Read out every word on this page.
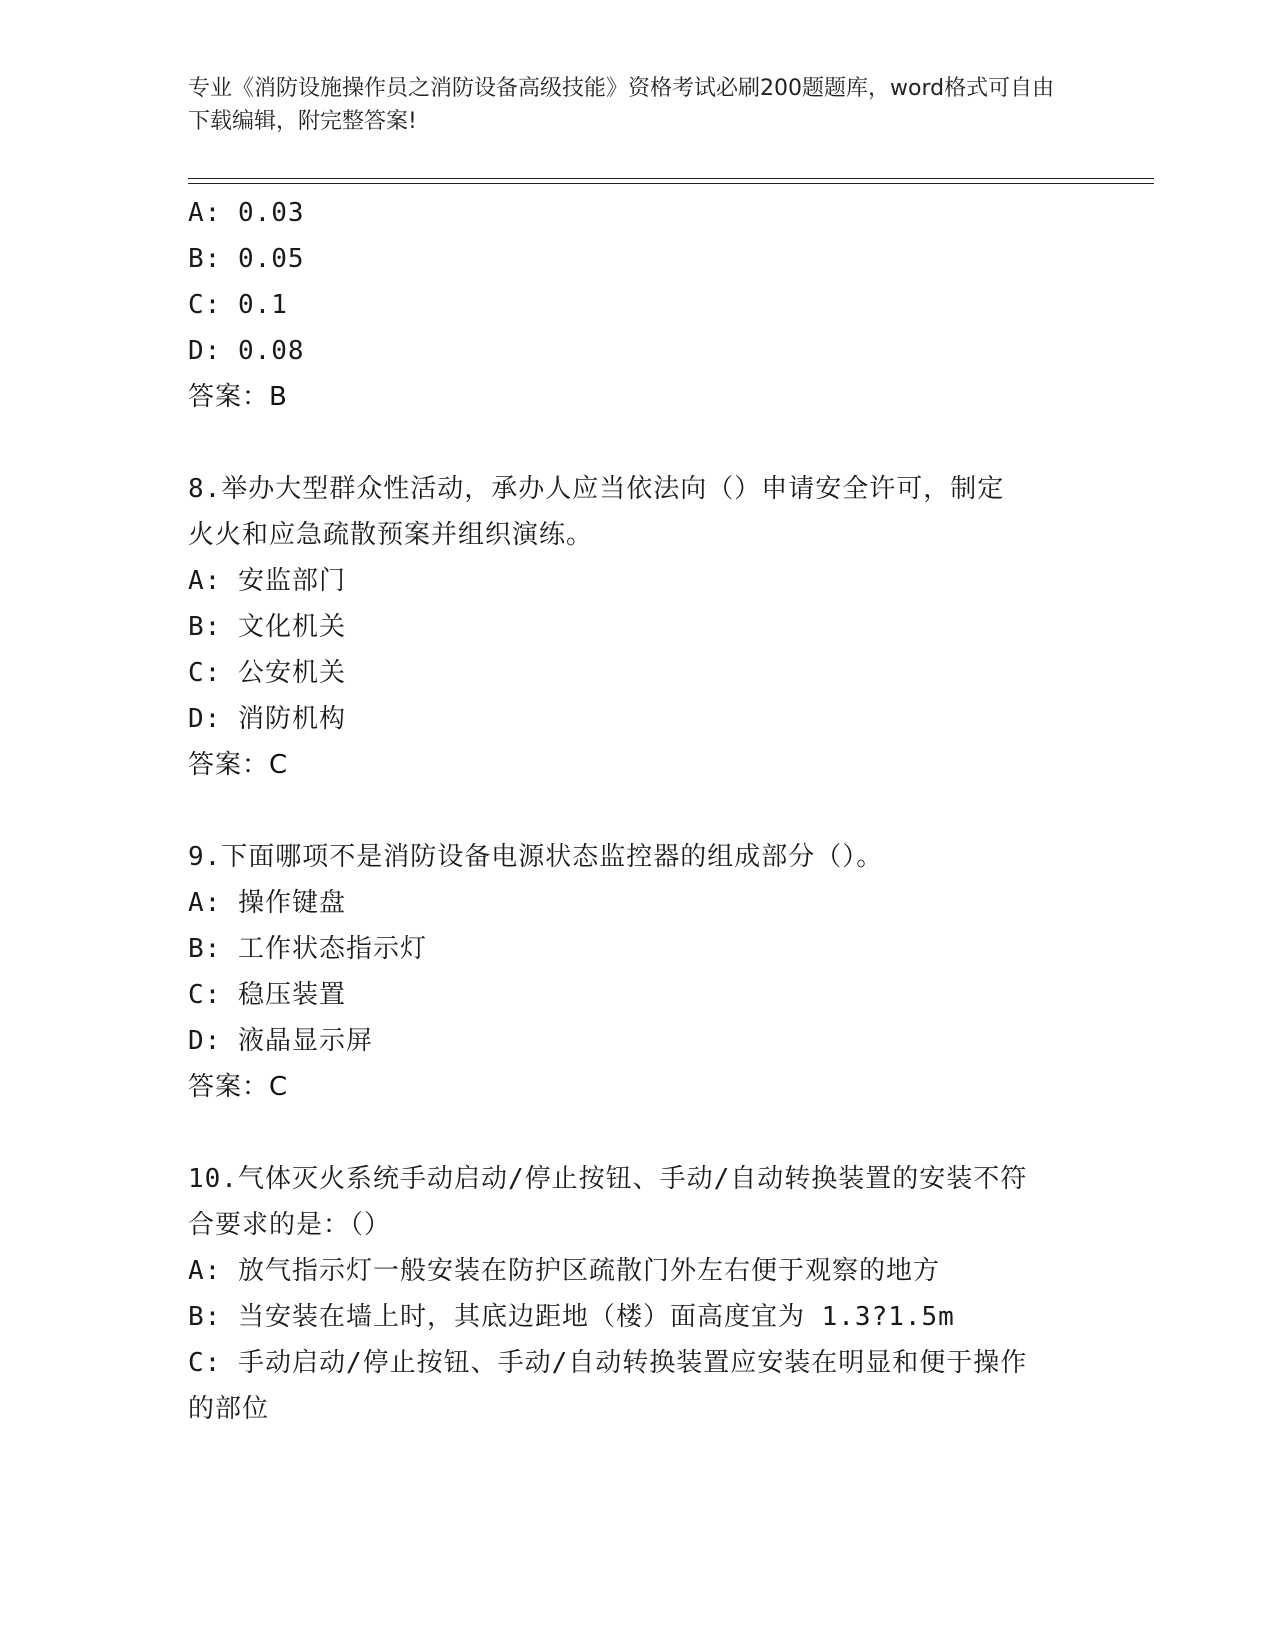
专业《消防设施操作员之消防设备高级技能》资格考试必刷200题题库，word格式可自由下载编辑，附完整答案!
A: 0.03
B: 0.05
C: 0.1
D: 0.08
答案：B
8.举办大型群众性活动，承办人应当依法向（）申请安全许可，制定
火火和应急疏散预案并组织演练。
A: 安监部门
B: 文化机关
C: 公安机关
D: 消防机构
答案：C
9.下面哪项不是消防设备电源状态监控器的组成部分（）。
A: 操作键盘
B: 工作状态指示灯
C: 稳压装置
D: 液晶显示屏
答案：C
10.气体灭火系统手动启动/停止按钮、手动/自动转换装置的安装不符
合要求的是：（）
A: 放气指示灯一般安装在防护区疏散门外左右便于观察的地方
B: 当安装在墙上时，其底边距地（楼）面高度宜为 1.3?1.5m
C: 手动启动/停止按钮、手动/自动转换装置应安装在明显和便于操作
的部位
